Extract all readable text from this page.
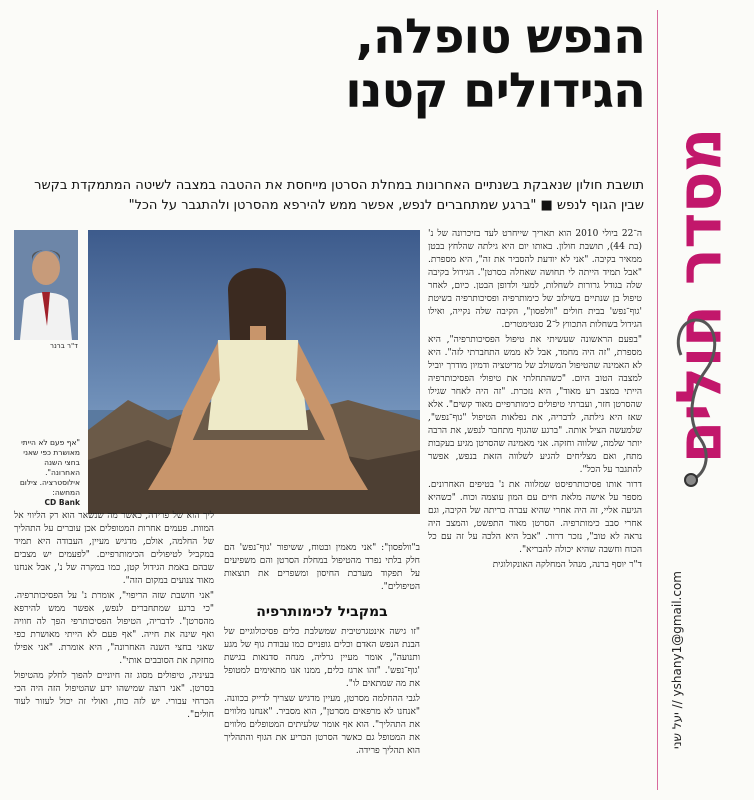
מסדר חולים
יעל שני // yshany1@gmail.com
הנפש טופלה,
הגידולים קטנו
תושבת חולון שנאבקת בשנתיים האחרונות במחלת הסרטן מייחסת את ההטבה במצבה לשיטה המתמקדת בקשר שבין הגוף לנפש ■ "ברגע שמתחברים לנפש, אפשר ממש להירפא מהסרטן ולהתגבר על הכל"
ד"ר ברנר
"אף פעם לא הייתי מאושרת כפי שאני בחצי השנה האחרונה". אילוסטרציה. צילום המחשה:
CD Bank

ה־22 ביולי 2010 הוא תאריך שייחרט לעד בזיכרונה של נ' (בת 44), תושבת חולון. באותו יום היא גילתה שהלחץ בבטן ממאיר בקיבה. "אני לא יודעת להסביר את זה", היא מספרת. "אבל תמיד הייתה לי תחושה שאחלה בסרטן". הגידול בקיבה שלה בגודל גרורות לשחלות, למעי ולדופן הבטן. כיום, לאחר טיפול בן שנתיים בשילוב של כימותרפיה ופסיכותרפיה בשיטת 'גוף־נפש' בבית חולים "וולפסון", הקיבה שלה נקייה, ואילו הגידול בשחלות התכווץ ל־2 סנטימטרים.

"בפעם הראשונה שעשיתי את טיפול הפסיכותרפיה", היא מספרת, "זה היה מחמד, אבל לא ממש התחברתי לזה". היא לא האמינה שהטיפול המשולב של מדיטציה ודמיון מודרך יוביל למצבה הטוב היום. "כשהתחלתי את טיפולי הפסיכותרפיה הייתי במצב רע מאוד", היא נזכרת. "זה היה לאחר שגילו שהסרטן חזר, ועברתי טיפולים כימותרפיים מאוד קשים". אלא שאז היא גילתה, לדבריה, את נפלאות הטיפול "גוף־נפש", שלמעשה הציל אותה. "ברגע שהגוף מתחבר לנפש, את הרבה יותר שלמה, שלווה וחזקה. אני מאמינה שהסרטן מגיע בעקבות מתח, ואם מצליחים להגיע לשלווה הזאת בנפש, אפשר להתגבר על הכל".

דרור אותו פסיכותרפיסט שמלווה את נ' בטיפים האחרונים. מספר על אישה מלאת חיים עם המון עוצמה וכוח. "כשהיא הגיעה אליי, זה היה אחרי שהיא עברה כריתה של הקיבה, וגם אחרי סבב כימותרפיה. הסרטן מאוד התפשט, והמצב היה נראה לא טוב", נזכר דרור. "אבל היא הלכה על זה עם כל הכוח וחשבה שהיא יכולה להבריא".

ד"ר יוסף ברנה, מנהל המחלקה האונקולוגית

ב"וולפסון": "אני מאמין ובטוח, ששיפור 'גוף־נפש' הם חלק בלתי נפרד מהטיפול במחלת הסרטן והם משפיעים על תפקוד מערכת החיסון ומשפרים את תוצאות הטיפולים".

במקביל לכימותרפיה

"זו גישה אינטגרטיבית שמשלבת כלים פסיכולוגיים של הבנת הנפש האדם וכלים גופניים כמו עבודת גוף של מגע ותנועה", אומר מעיין גרליה, מנחה סדנאות בגישת 'גוף־נפש'. "זהו ארגז כלים, ממנו אנו מתאימים למטופל את מה שמתאים לו".

לגבי ההחלמה מסרטן, מעיין מדגיש שצריך לדייק בכוונה. "אנחנו לא מרפאים מסרטן", הוא מסביר. "אנחנו מלווים את התהליך". הוא אף אומר שלעיתים המטופלים מלווים את המטופל גם כאשר הסרטן הכריע את הגוף והתהליך הוא תהליך פרידה.

ליך הוא של פרידה, כאשר מה שנשאר הוא רק הליווי אל המוות. פעמים אחרות המטופלים אכן עוברים על התהליך של החלמה, אולם, מדגיש מעיין, העבודה היא תמיד במקביל לטיפולים הכימותרפיים. "לפעמים יש מצבים שבהם באמת הגידול קטן, כמו במקרה של נ', אבל אנחנו מאוד צנועים במקום הזה".

"אני חושבת שזה הריפוי", אומרת נ' על הפסיכותרפיה. "כי ברגע שמתחברים לנפש, אפשר ממש להירפא מהסרטן". לדבריה, הטיפול הפסיכותרפי הפך לה חוויה ואף שינה את חייה. "אף פעם לא הייתי מאושרת כפי שאני בחצי השנה האחרונה", היא אומרת. "אני אפילו מחזקת את הסובבים אותי".

בעיניה, טיפולים מסוג זה חיוניים להפוך לחלק מהטיפול בסרטן. "אני רוצה שמישהו ידע שהטיפול הזה היה הכי הכרחי עבורי. יש לזה כוח, ואולי זה יכול לעזור לעוד חולים".
